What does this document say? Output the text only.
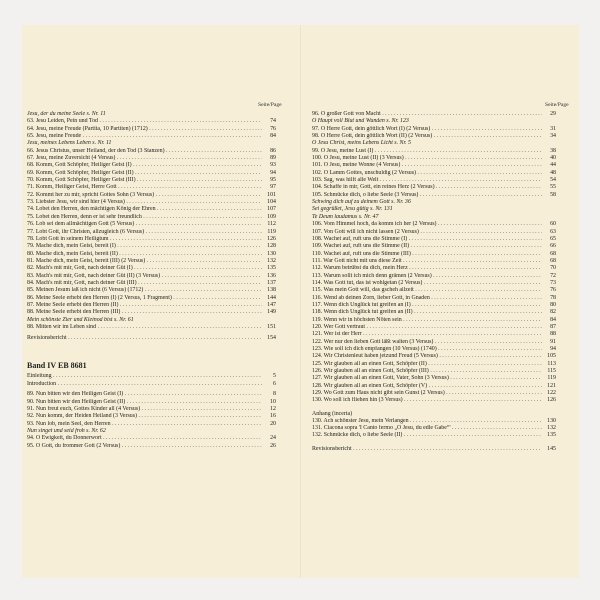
Seite/Page	Seite/Page
Jesu, der du meine Seele s. Nr. 11
63. Jesu Leiden, Pein und Tod . . .	74
64. Jesu, meine Freude (Partita, 10 Partiten) (1712) . . .	76
65. Jesu, meine Freude . . .	84
Jesu, meines Lebens Leben s. Nr. 11
66. Jesus Christus, unser Heiland, der den Tod (3 Stanzen) . . .	86
67. Jesu, meine Zuversicht (4 Versus) . . .	89
68. Komm, Gott Schöpfer, Heiliger Geist (I) . . .	93
69. Komm, Gott Schöpfer, Heiliger Geist (II) . . .	94
70. Komm, Gott Schöpfer, Heiliger Geist (III) . . .	95
71. Komm, Heiliger Geist, Herre Gott . . .	97
72. Kommt her zu mir, spricht Gottes Sohn (3 Versus) . . .	101
73. Liebster Jesu, wir sind hier (4 Versus) . . .	104
74. Lobet den Herren, den mächtigen König der Ehren . . .	107
75. Lobet den Herren, denn er ist sehr freundlich . . .	109
76. Lob sei dem allmächtigen Gott (5 Versus) . . .	112
77. Lobt Gott, ihr Christen, allzugleich (6 Versus) . . .	119
78. Lobt Gott in seinem Heiligtum . . .	126
79. Mache dich, mein Geist, bereit (I) . . .	128
80. Mache dich, mein Geist, bereit (II) . . .	130
81. Mache dich, mein Geist, bereit (III) (2 Versus) . . .	132
82. Mach's mit mir, Gott, nach deiner Güt (I) . . .	135
83. Mach's mit mir, Gott, nach deiner Güt (II) (3 Versus) . . .	136
84. Mach's mit mir, Gott, nach deiner Güt (III) . . .	137
85. Meinen Jesum laß ich nicht (6 Versus) (1712) . . .	138
86. Meine Seele erhebt den Herren (I) (2 Versus, 1 Fragment) . . .	144
87. Meine Seele erhebt den Herren (II) . . .	147
88. Meine Seele erhebt den Herren (III) . . .	149
Mein schönste Zier und Kleinod bist s. Nr. 61
88. Mitten wir im Leben sind . . .	151
Revisionsbericht . . .	154
Band IV EB 8681
Einleitung . . .	5
Introduction . . .	6
89. Nun bitten wir den Heiligen Geist (I) . . .	8
90. Nun bitten wir den Heiligen Geist (II) . . .	10
91. Nun freut euch, Gottes Kinder all (4 Versus) . . .	12
92. Nun komm, der Heiden Heiland (3 Versus) . . .	16
93. Nun lob, mein Seel, den Herren . . .	20
Nun singet und seid froh s. Nr. 62
94. O Ewigkeit, du Donnerwort . . .	24
95. O Gott, du frommer Gott (2 Versus) . . .	26
96. O großer Gott von Macht . . .	29
O Haupt voll Blut und Wunden s. Nr. 123
97. O Herre Gott, dein göttlich Wort (I) (2 Versus) . . .	31
98. O Herre Gott, dein göttlich Wort (II) (2 Versus) . . .	34
O Jesu Christ, meins Lebens Licht s. Nr. 5
99. O Jesu, meine Lust (I) . . .	38
100. O Jesu, meine Lust (II) (3 Versus) . . .	40
101. O Jesu, meine Wonne (4 Versus) . . .	44
102. O Lamm Gottes, unschuldig (2 Versus) . . .	48
103. Sag, was hilft alle Welt . . .	54
104. Schaffe in mir, Gott, ein reines Herz (2 Versus) . . .	55
105. Schmücke dich, o liebe Seele (3 Versus) . . .	58
Schwing dich auf zu deinem Gott s. Nr. 36
Sei gegrüßet, Jesu gütig s. Nr. 131
Te Deum laudamus s. Nr. 47
106. Vom Himmel hoch, da komm ich her (2 Versus) . . .	60
107. Von Gott will ich nicht lassen (2 Versus) . . .	63
108. Wachet auf, ruft uns die Stimme (I) . . .	65
109. Wachet auf, ruft uns die Stimme (II) . . .	66
110. Wachet auf, ruft uns die Stimme (III) . . .	68
111. War Gott nicht mit uns diese Zeit . . .	68
112. Warum betrübst du dich, mein Herz . . .	70
113. Warum sollt ich mich denn grämen (2 Versus) . . .	72
114. Was Gott tut, das ist wohlgetan (2 Versus) . . .	73
115. Was mein Gott will, das gscheh allzeit . . .	76
116. Wend ab deinen Zorn, lieber Gott, in Gnaden . . .	78
117. Wenn dich Unglück tut greifen an (I) . . .	80
118. Wenn dich Unglück tut greifen an (II) . . .	82
119. Wenn wir in höchsten Nöten sein . . .	84
120. Wer Gott vertraut . . .	87
121. Wer ist der Herr . . .	88
122. Wer nur den lieben Gott läßt walten (3 Versus) . . .	91
123. Wie soll ich dich empfangen (10 Versus) (1740) . . .	94
124. Wir Christenleut haben jetzund Freud (5 Versus) . . .	105
125. Wir glauben all an einen Gott, Schöpfer (II) . . .	113
126. Wir glauben all an einen Gott, Schöpfer (III) . . .	115
127. Wir glauben all an einen Gott, Vater, Sohn (3 Versus) . . .	119
128. Wir glauben all an einen Gott, Schöpfer (V) . . .	121
129. Wo Gott zum Haus nicht gibt sein Gunst (2 Versus) . . .	122
130. Wo soll ich fliehen hin (3 Versus) . . .	126
Anhang (incerta)
130. Ach schönster Jesu, mein Verlangen . . .	130
131. Ciacona sopra 'I Canto fermo „O Jesu, du edle Gabe“' . . .	132
132. Schmücke dich, o liebe Seele (II) . . .	135
Revisionsbericht . . .	145
